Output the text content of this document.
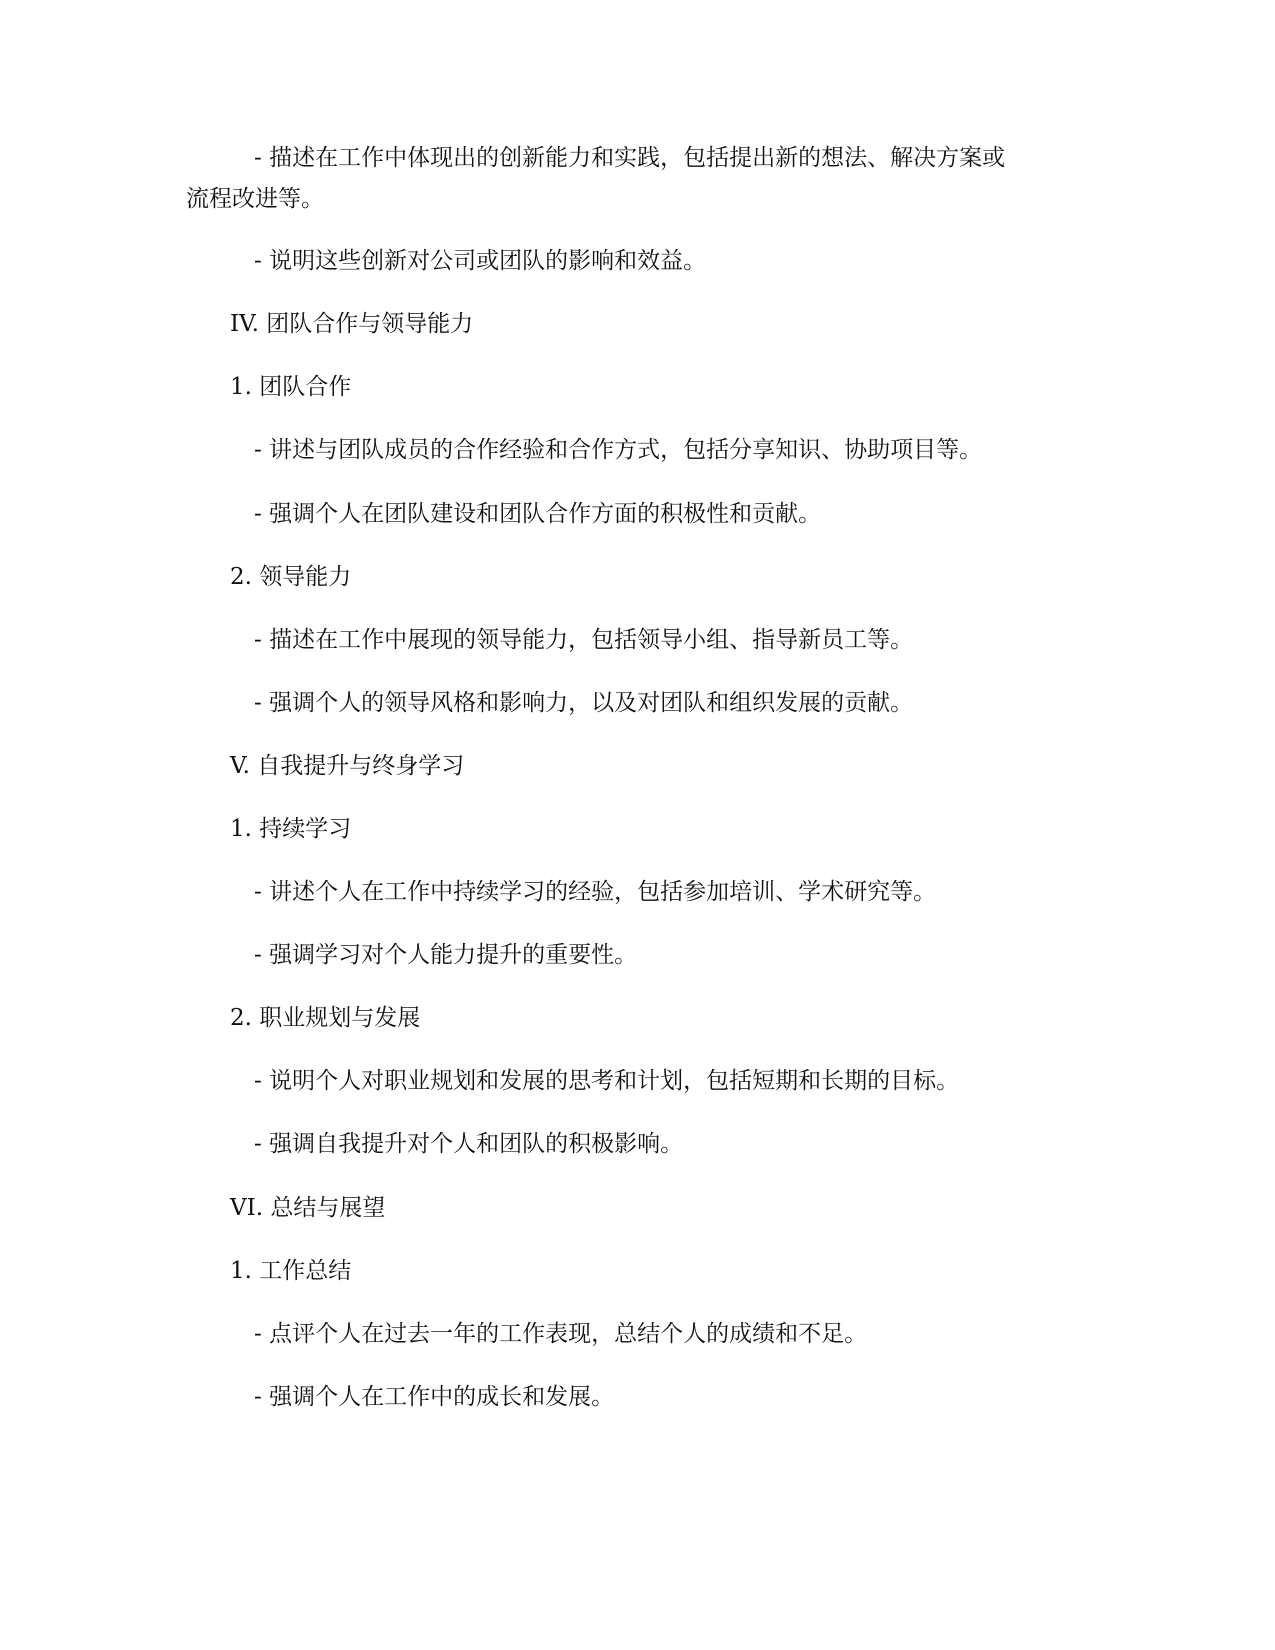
- 描述在工作中体现出的创新能力和实践，包括提出新的想法、解决方案或

流程改进等。

- 说明这些创新对公司或团队的影响和效益。

IV. 团队合作与领导能力

1. 团队合作

- 讲述与团队成员的合作经验和合作方式，包括分享知识、协助项目等。

- 强调个人在团队建设和团队合作方面的积极性和贡献。

2. 领导能力

- 描述在工作中展现的领导能力，包括领导小组、指导新员工等。

- 强调个人的领导风格和影响力，以及对团队和组织发展的贡献。

V. 自我提升与终身学习

1. 持续学习

- 讲述个人在工作中持续学习的经验，包括参加培训、学术研究等。

- 强调学习对个人能力提升的重要性。

2. 职业规划与发展

- 说明个人对职业规划和发展的思考和计划，包括短期和长期的目标。

- 强调自我提升对个人和团队的积极影响。

VI. 总结与展望

1. 工作总结

- 点评个人在过去一年的工作表现，总结个人的成绩和不足。

- 强调个人在工作中的成长和发展。
